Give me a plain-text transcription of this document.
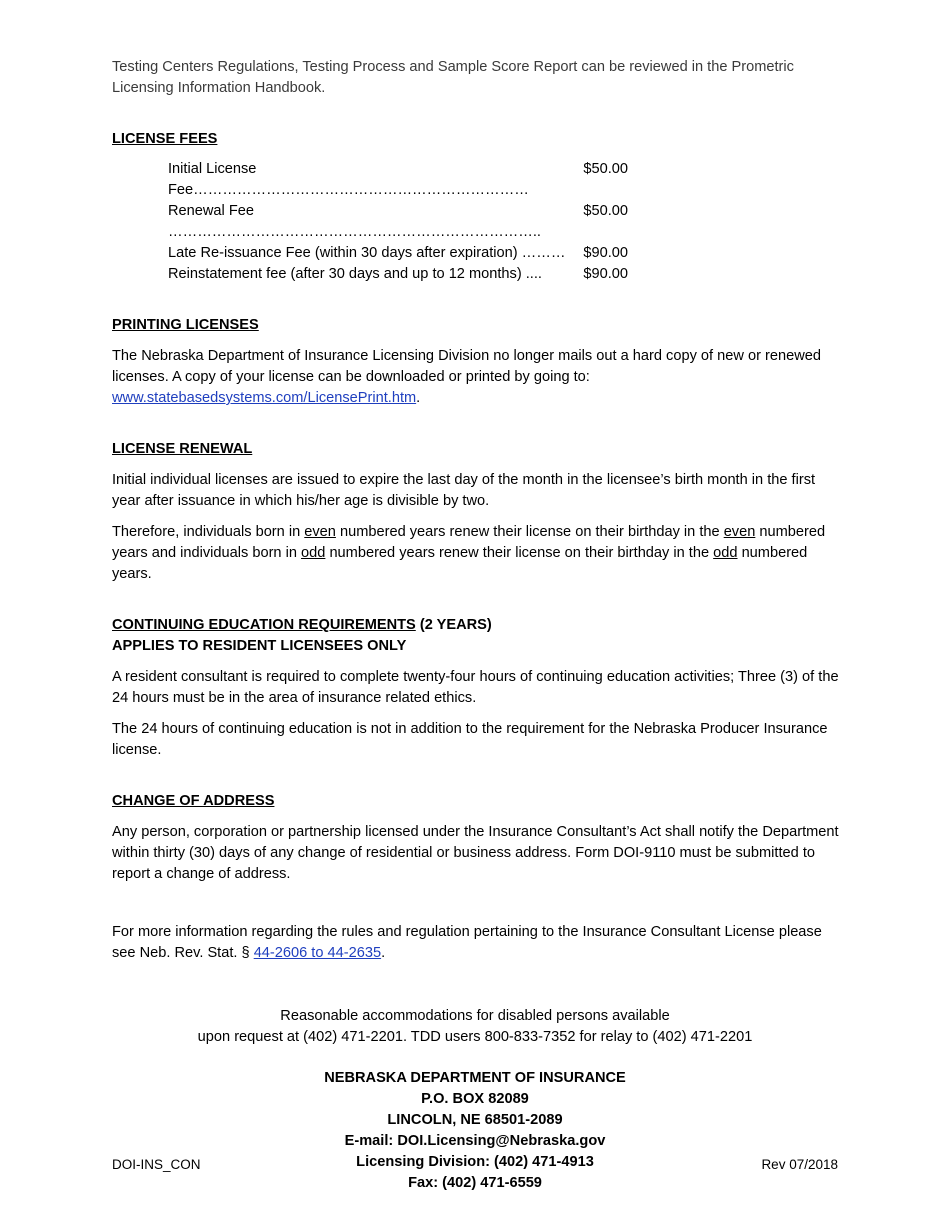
Testing Centers Regulations, Testing Process and Sample Score Report can be reviewed in the Prometric Licensing Information Handbook.

LICENSE FEES

Initial License Fee……………………………………………………………
$50.00
Renewal Fee …………………………………………………………………..
$50.00
Late Re-issuance Fee (within 30 days after expiration) ……… $90.00
Reinstatement fee (after 30 days and up to 12 months) ....	$90.00

PRINTING LICENSES

The Nebraska Department of Insurance Licensing Division no longer mails out a hard copy of new or renewed licenses. A copy of your license can be downloaded or printed by going to: www.statebasedsystems.com/LicensePrint.htm.

LICENSE RENEWAL

Initial individual licenses are issued to expire the last day of the month in the licensee’s birth month in the first year after issuance in which his/her age is divisible by two.

Therefore, individuals born in even numbered years renew their license on their birthday in the even numbered years and individuals born in odd numbered years renew their license on their birthday in the odd numbered years.

CONTINUING EDUCATION REQUIREMENTS (2 YEARS)

APPLIES TO RESIDENT LICENSEES ONLY

A resident consultant is required to complete twenty-four hours of continuing education activities; Three (3) of the 24 hours must be in the area of insurance related ethics.

The 24 hours of continuing education is not in addition to the requirement for the Nebraska Producer Insurance license.

CHANGE OF ADDRESS

Any person, corporation or partnership licensed under the Insurance Consultant’s Act shall notify the Department within thirty (30) days of any change of residential or business address. Form DOI-9110 must be submitted to report a change of address.

For more information regarding the rules and regulation pertaining to the Insurance Consultant License please see Neb. Rev. Stat. § 44-2606 to 44-2635.

Reasonable accommodations for disabled persons available

upon request at (402) 471-2201. TDD users 800-833-7352 for relay to (402) 471-2201

NEBRASKA DEPARTMENT OF INSURANCE

P.O. BOX 82089

LINCOLN, NE 68501-2089

E-mail: DOI.Licensing@Nebraska.gov

Licensing Division: (402) 471-4913

Fax: (402) 471-6559

DOI-INS_CON	Rev 07/2018
